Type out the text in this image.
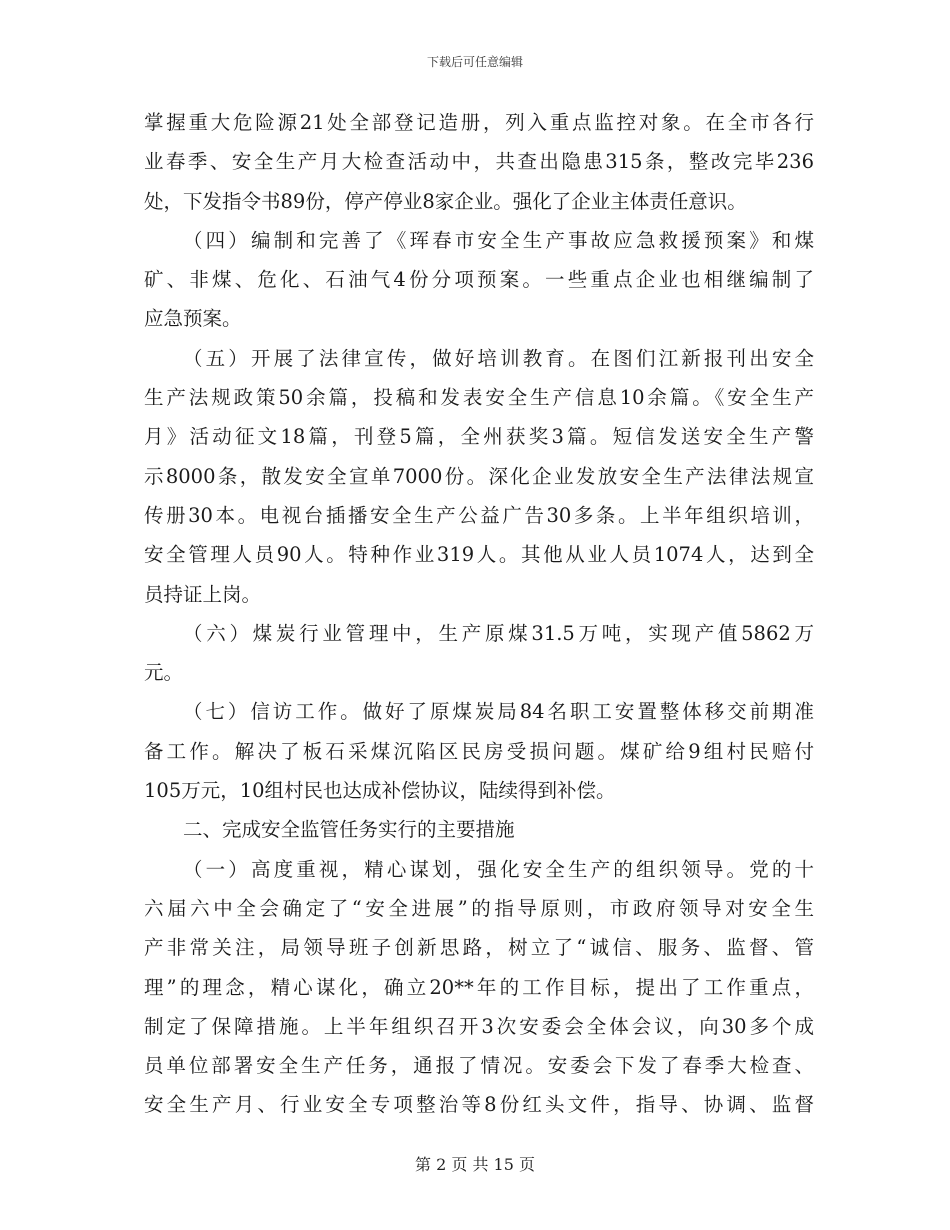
下载后可任意编辑
掌握重大危险源21处全部登记造册，列入重点监控对象。在全市各行
业春季、安全生产月大检查活动中，共查出隐患315条，整改完毕236
处，下发指令书89份，停产停业8家企业。强化了企业主体责任意识。
（四）编制和完善了《珲春市安全生产事故应急救援预案》和煤
矿、非煤、危化、石油气4份分项预案。一些重点企业也相继编制了
应急预案。
（五）开展了法律宣传，做好培训教育。在图们江新报刊出安全
生产法规政策50余篇，投稿和发表安全生产信息10余篇。《安全生产
月》活动征文18篇，刊登5篇，全州获奖3篇。短信发送安全生产警
示8000条，散发安全宣单7000份。深化企业发放安全生产法律法规宣
传册30本。电视台插播安全生产公益广告30多条。上半年组织培训，
安全管理人员90人。特种作业319人。其他从业人员1074人，达到全
员持证上岗。
（六）煤炭行业管理中，生产原煤31.5万吨，实现产值5862万
元。
（七）信访工作。做好了原煤炭局84名职工安置整体移交前期准
备工作。解决了板石采煤沉陷区民房受损问题。煤矿给9组村民赔付
105万元，10组村民也达成补偿协议，陆续得到补偿。
二、完成安全监管任务实行的主要措施
（一）高度重视，精心谋划，强化安全生产的组织领导。党的十
六届六中全会确定了“安全进展”的指导原则，市政府领导对安全生
产非常关注，局领导班子创新思路，树立了“诚信、服务、监督、管
理”的理念，精心谋化，确立20**年的工作目标，提出了工作重点，
制定了保障措施。上半年组织召开3次安委会全体会议，向30多个成
员单位部署安全生产任务，通报了情况。安委会下发了春季大检查、
安全生产月、行业安全专项整治等8份红头文件，指导、协调、监督
第 2 页 共 15 页
